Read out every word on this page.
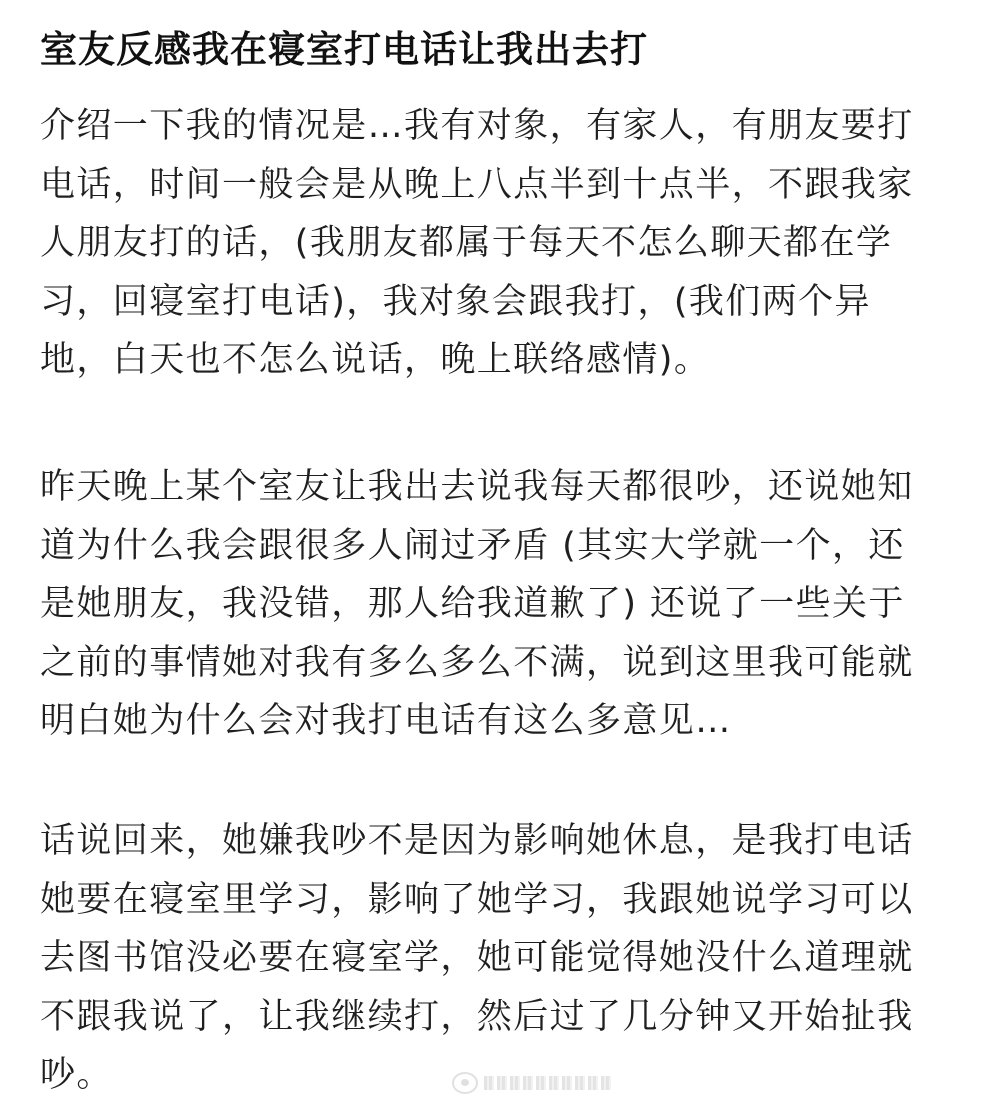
室友反感我在寝室打电话让我出去打
介绍一下我的情况是…我有对象，有家人，有朋友要打
电话，时间一般会是从晚上八点半到十点半，不跟我家
人朋友打的话，(我朋友都属于每天不怎么聊天都在学
习，回寝室打电话)，我对象会跟我打，(我们两个异
地，白天也不怎么说话，晚上联络感情)。
昨天晚上某个室友让我出去说我每天都很吵，还说她知
道为什么我会跟很多人闹过矛盾 (其实大学就一个，还
是她朋友，我没错，那人给我道歉了) 还说了一些关于
之前的事情她对我有多么多么不满，说到这里我可能就
明白她为什么会对我打电话有这么多意见…
话说回来，她嫌我吵不是因为影响她休息，是我打电话
她要在寝室里学习，影响了她学习，我跟她说学习可以
去图书馆没必要在寝室学，她可能觉得她没什么道理就
不跟我说了，让我继续打，然后过了几分钟又开始扯我
吵。
